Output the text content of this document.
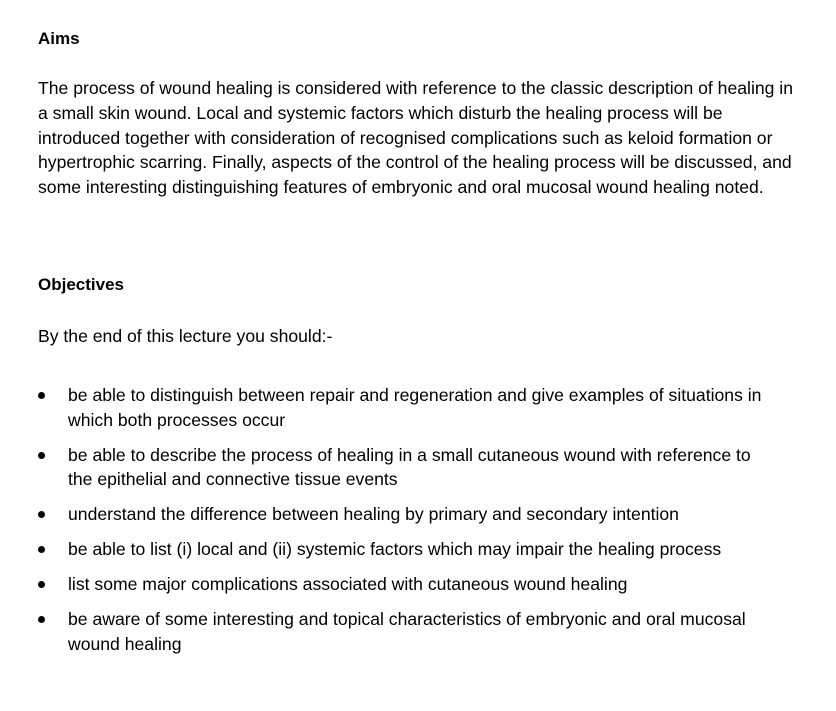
Aims
The process of wound healing is considered with reference to the classic description of healing in a small skin wound. Local and systemic factors which disturb the healing process will be introduced together with consideration of recognised complications such as keloid formation or hypertrophic scarring. Finally, aspects of the control of the healing process will be discussed, and some interesting distinguishing features of embryonic and oral mucosal wound healing noted.
Objectives
By the end of this lecture you should:-
be able to distinguish between repair and regeneration and give examples of situations in which both processes occur
be able to describe the process of healing in a small cutaneous wound with reference to the epithelial and connective tissue events
understand the difference between healing by primary and secondary intention
be able to list (i) local and (ii) systemic factors which may impair the healing process
list some major complications associated with cutaneous wound healing
be aware of some interesting and topical characteristics of embryonic and oral mucosal wound healing
